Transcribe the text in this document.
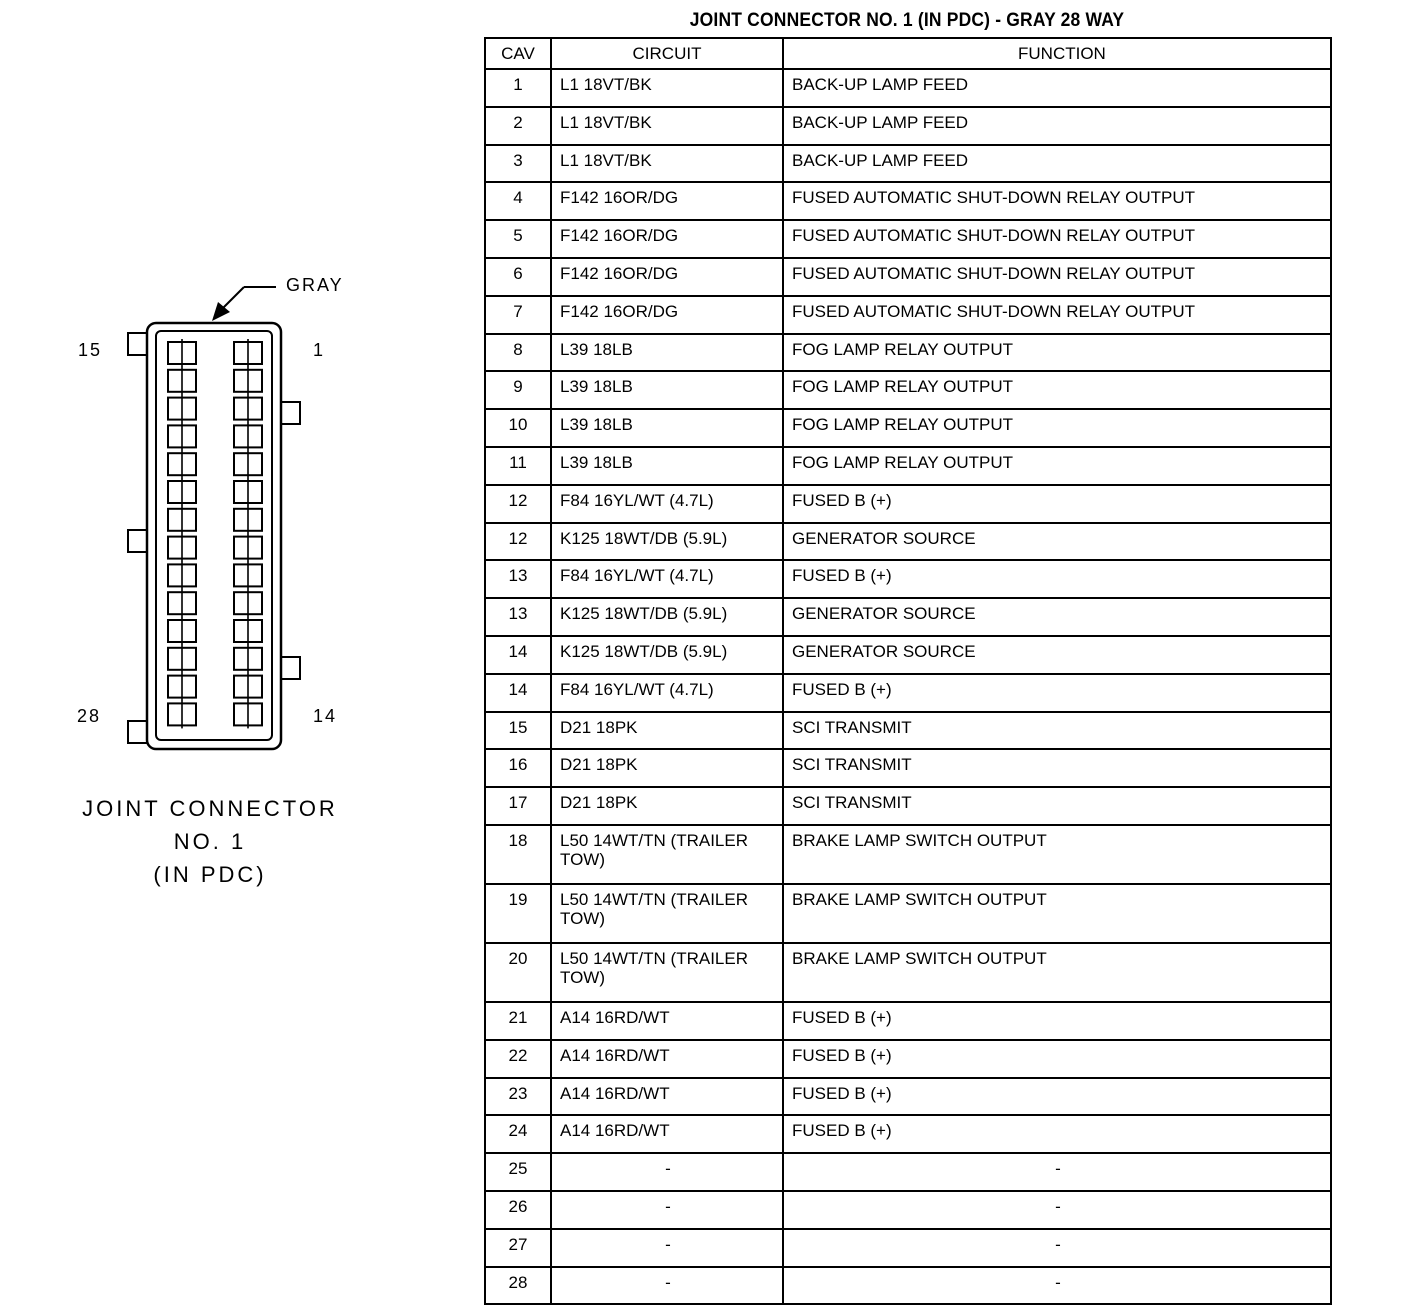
GRAY
15	1
28	14
JOINT CONNECTOR
NO. 1
(IN PDC)
JOINT CONNECTOR NO. 1 (IN PDC) - GRAY 28 WAY
CAV	CIRCUIT	FUNCTION
1	L1 18VT/BK	BACK-UP LAMP FEED
2	L1 18VT/BK	BACK-UP LAMP FEED
3	L1 18VT/BK	BACK-UP LAMP FEED
4	F142 16OR/DG	FUSED AUTOMATIC SHUT-DOWN RELAY OUTPUT
5	F142 16OR/DG	FUSED AUTOMATIC SHUT-DOWN RELAY OUTPUT
6	F142 16OR/DG	FUSED AUTOMATIC SHUT-DOWN RELAY OUTPUT
7	F142 16OR/DG	FUSED AUTOMATIC SHUT-DOWN RELAY OUTPUT
8	L39 18LB	FOG LAMP RELAY OUTPUT
9	L39 18LB	FOG LAMP RELAY OUTPUT
10	L39 18LB	FOG LAMP RELAY OUTPUT
11	L39 18LB	FOG LAMP RELAY OUTPUT
12	F84 16YL/WT (4.7L)	FUSED B (+)
12	K125 18WT/DB (5.9L)	GENERATOR SOURCE
13	F84 16YL/WT (4.7L)	FUSED B (+)
13	K125 18WT/DB (5.9L)	GENERATOR SOURCE
14	K125 18WT/DB (5.9L)	GENERATOR SOURCE
14	F84 16YL/WT (4.7L)	FUSED B (+)
15	D21 18PK	SCI TRANSMIT
16	D21 18PK	SCI TRANSMIT
17	D21 18PK	SCI TRANSMIT
18	L50 14WT/TN (TRAILER TOW)	BRAKE LAMP SWITCH OUTPUT
19	L50 14WT/TN (TRAILER TOW)	BRAKE LAMP SWITCH OUTPUT
20	L50 14WT/TN (TRAILER TOW)	BRAKE LAMP SWITCH OUTPUT
21	A14 16RD/WT	FUSED B (+)
22	A14 16RD/WT	FUSED B (+)
23	A14 16RD/WT	FUSED B (+)
24	A14 16RD/WT	FUSED B (+)
25	-	-
26	-	-
27	-	-
28	-	-
